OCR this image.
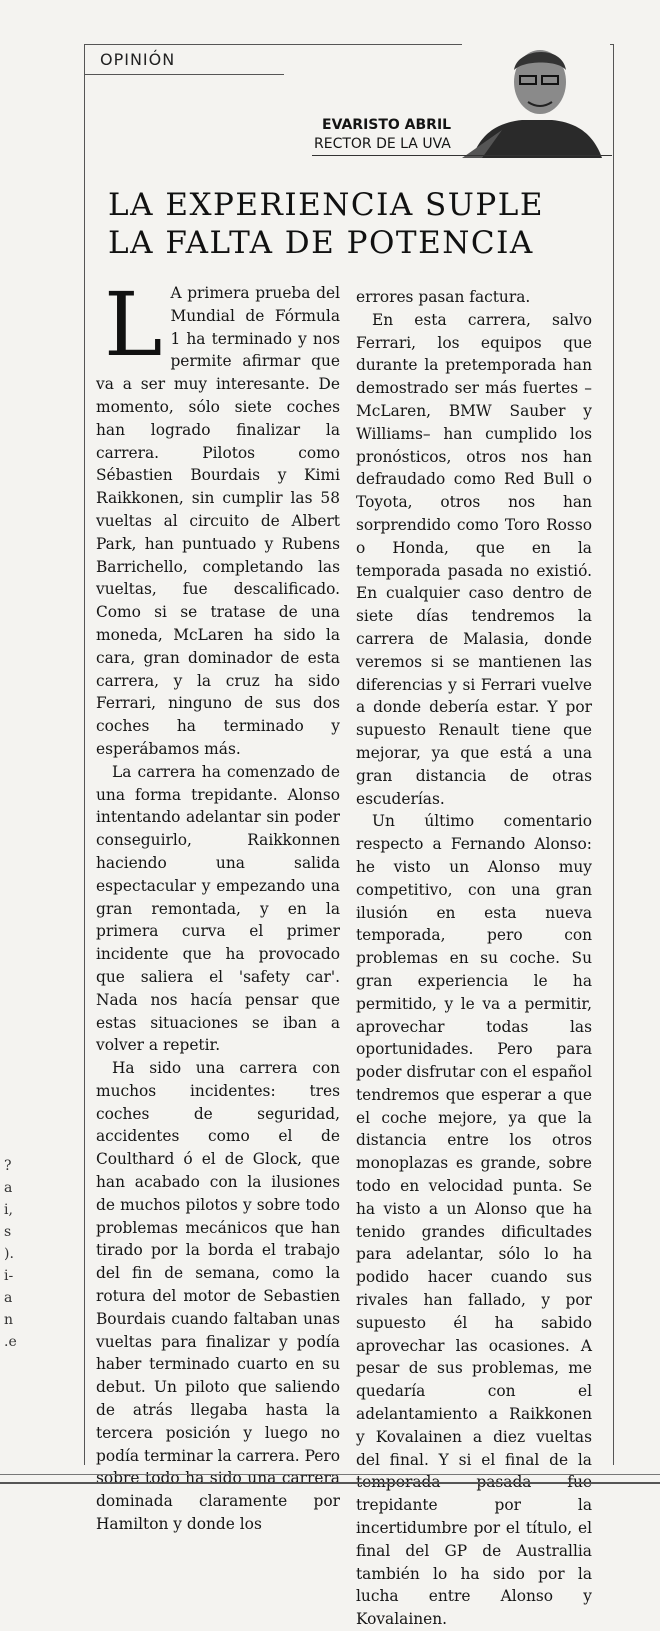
OPINIÓN
EVARISTO ABRIL
RECTOR DE LA UVA
LA EXPERIENCIA SUPLE
LA FALTA DE POTENCIA

L A primera prueba del Mundial de Fórmula 1 ha terminado y nos permite afirmar que va a ser muy interesante. De momento, sólo siete coches han logrado finalizar la carrera. Pilotos como Sébastien Bourdais y Kimi Raikkonen, sin cumplir las 58 vueltas al circuito de Albert Park, han puntuado y Rubens Barrichello, completando las vueltas, fue descalificado. Como si se tratase de una moneda, McLaren ha sido la cara, gran dominador de esta carrera, y la cruz ha sido Ferrari, ninguno de sus dos coches ha terminado y esperábamos más.

La carrera ha comenzado de una forma trepidante. Alonso intentando adelantar sin poder conseguirlo, Raikkonnen haciendo una salida espectacular y empezando una gran remontada, y en la primera curva el primer incidente que ha provocado que saliera el 'safety car'. Nada nos hacía pensar que estas situaciones se iban a volver a repetir.

Ha sido una carrera con muchos incidentes: tres coches de seguridad, accidentes como el de Coulthard ó el de Glock, que han acabado con la ilusiones de muchos pilotos y sobre todo problemas mecánicos que han tirado por la borda el trabajo del fin de semana, como la rotura del motor de Sebastien Bourdais cuando faltaban unas vueltas para finalizar y podía haber terminado cuarto en su debut. Un piloto que saliendo de atrás llegaba hasta la tercera posición y luego no podía terminar la carrera. Pero sobre todo ha sido una carrera dominada claramente por Hamilton y donde los

errores pasan factura.

En esta carrera, salvo Ferrari, los equipos que durante la pretemporada han demostrado ser más fuertes –McLaren, BMW Sauber y Williams– han cumplido los pronósticos, otros nos han defraudado como Red Bull o Toyota, otros nos han sorprendido como Toro Rosso o Honda, que en la temporada pasada no existió. En cualquier caso dentro de siete días tendremos la carrera de Malasia, donde veremos si se mantienen las diferencias y si Ferrari vuelve a donde debería estar. Y por supuesto Renault tiene que mejorar, ya que está a una gran distancia de otras escuderías.

Un último comentario respecto a Fernando Alonso: he visto un Alonso muy competitivo, con una gran ilusión en esta nueva temporada, pero con problemas en su coche. Su gran experiencia le ha permitido, y le va a permitir, aprovechar todas las oportunidades. Pero para poder disfrutar con el español tendremos que esperar a que el coche mejore, ya que la distancia entre los otros monoplazas es grande, sobre todo en velocidad punta. Se ha visto a un Alonso que ha tenido grandes dificultades para adelantar, sólo lo ha podido hacer cuando sus rivales han fallado, y por supuesto él ha sabido aprovechar las ocasiones. A pesar de sus problemas, me quedaría con el adelantamiento a Raikkonen y Kovalainen a diez vueltas del final. Y si el final de la temporada pasada fue trepidante por la incertidumbre por el título, el final del GP de Australlia también lo ha sido por la lucha entre Alonso y Kovalainen.

?
a
i,
s
).
i-
a
n
.e
